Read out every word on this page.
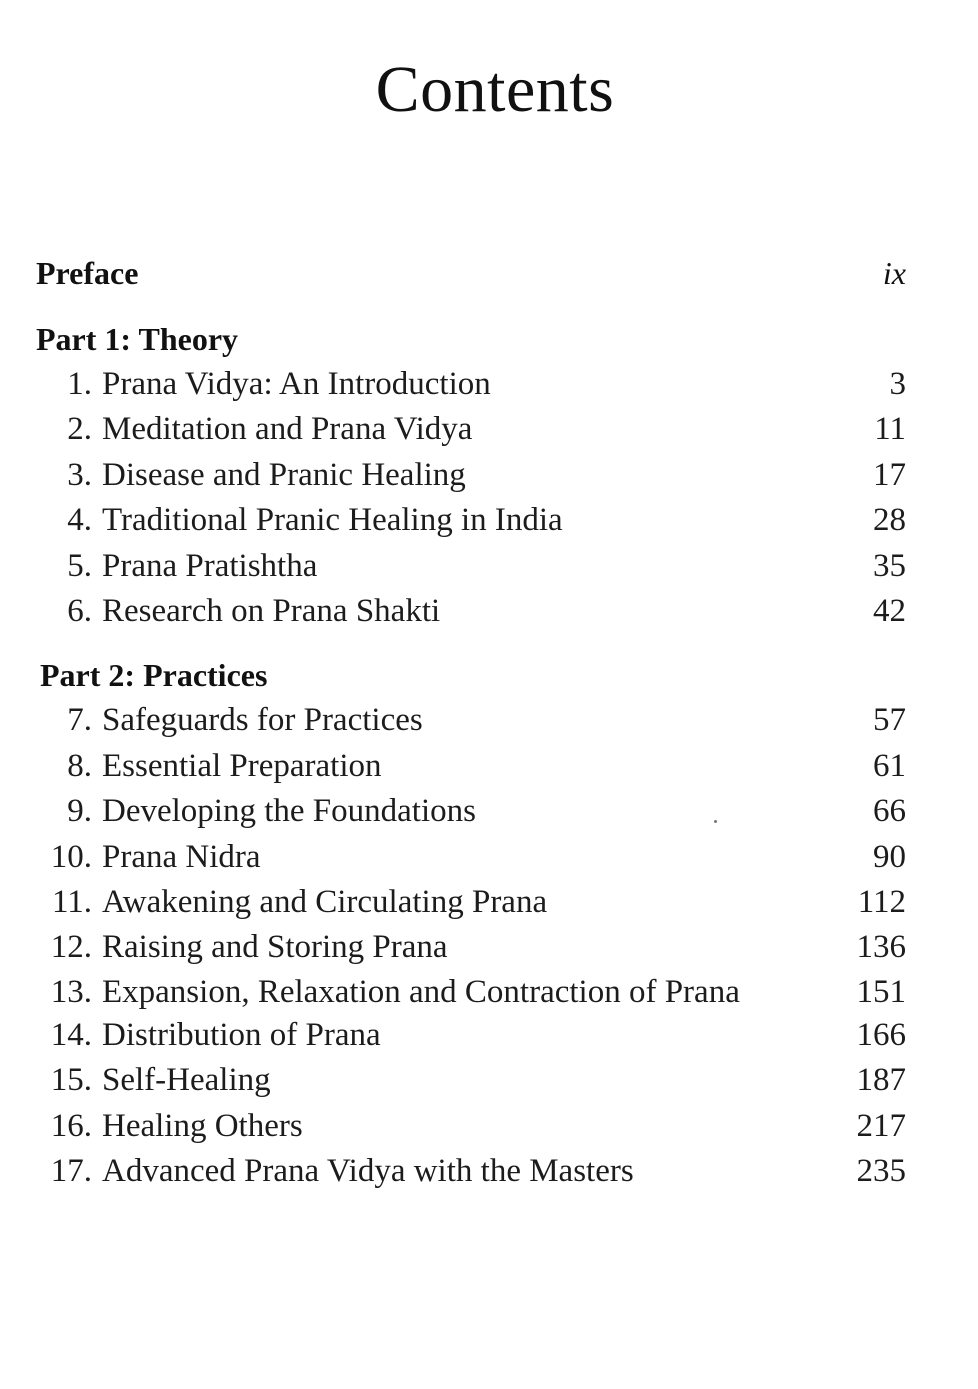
Contents
Preface	ix
Part 1: Theory
1. Prana Vidya: An Introduction	3
2. Meditation and Prana Vidya	11
3. Disease and Pranic Healing	17
4. Traditional Pranic Healing in India	28
5. Prana Pratishtha	35
6. Research on Prana Shakti	42
Part 2: Practices
7. Safeguards for Practices	57
8. Essential Preparation	61
9. Developing the Foundations	66
10. Prana Nidra	90
11. Awakening and Circulating Prana	112
12. Raising and Storing Prana	136
13. Expansion, Relaxation and Contraction of Prana	151
14. Distribution of Prana	166
15. Self-Healing	187
16. Healing Others	217
17. Advanced Prana Vidya with the Masters	235
